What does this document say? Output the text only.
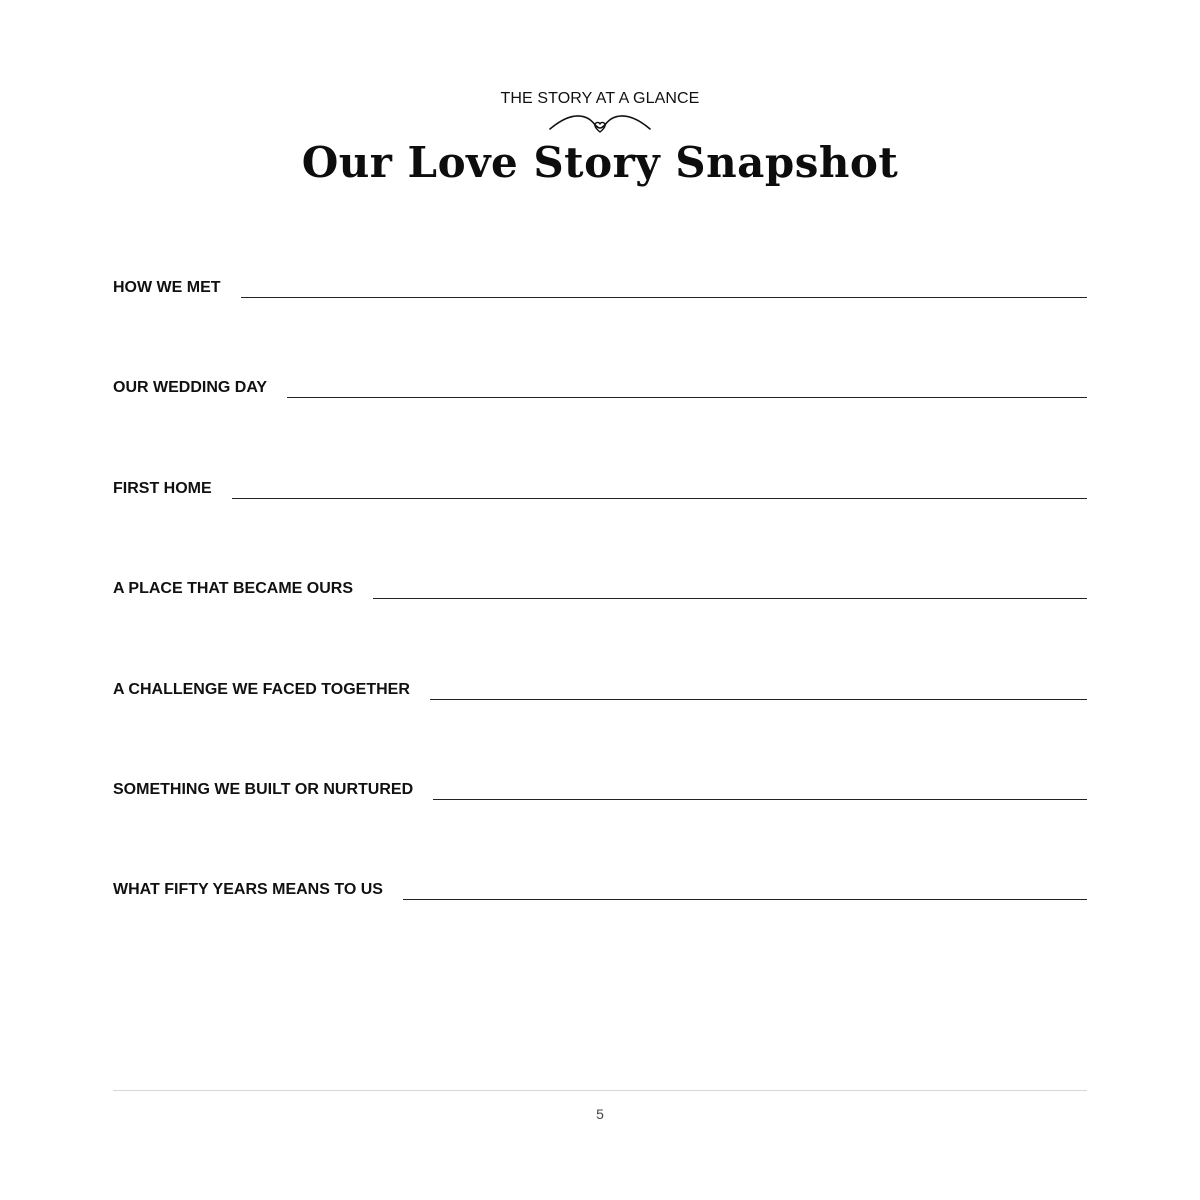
THE STORY AT A GLANCE
Our Love Story Snapshot
HOW WE MET
OUR WEDDING DAY
FIRST HOME
A PLACE THAT BECAME OURS
A CHALLENGE WE FACED TOGETHER
SOMETHING WE BUILT OR NURTURED
WHAT FIFTY YEARS MEANS TO US
5
